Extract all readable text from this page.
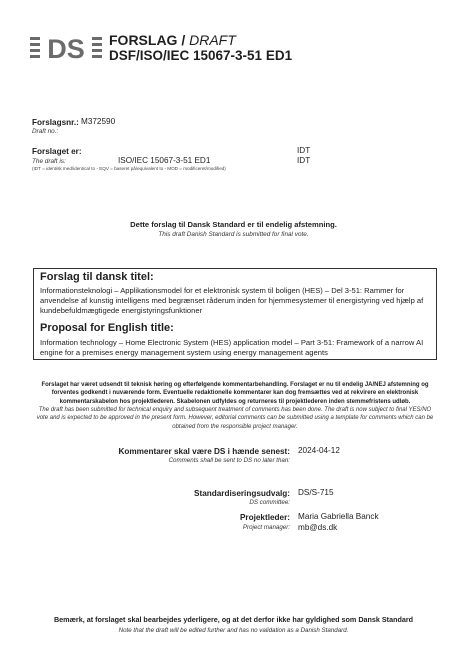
DS FORSLAG / DRAFT
DSF/ISO/IEC 15067-3-51 ED1
Forslagsnr.: M372590
Draft no.:
Forslaget er:	IDT
The draft is:	ISO/IEC 15067-3-51 ED1	IDT
(IDT = identisk med/identical to - EQV = baseret på/equivalent to - MOD = modificeret/modified)
Dette forslag til Dansk Standard er til endelig afstemning.
This draft Danish Standard is submitted for final vote.
Forslag til dansk titel:
Informationsteknologi – Applikationsmodel for et elektronisk system til boligen (HES) – Del 3-51: Rammer for anvendelse af kunstig intelligens med begrænset råderum inden for hjemmesystemer til energistyring ved hjælp af kundebefuldmægtigede energistyringsfunktioner
Proposal for English title:
Information technology – Home Electronic System (HES) application model – Part 3-51: Framework of a narrow AI engine for a premises energy management system using energy management agents
Forslaget har været udsendt til teknisk høring og efterfølgende kommentarbehandling. Forslaget er nu til endelig JA/NEJ afstemning og forventes godkendt i nuværende form. Eventuelle redaktionelle kommentarer kan dog fremsættes ved at rekvirere en elektronisk kommentarskabelon hos projektlederen. Skabelonen udfyldes og returneres til projektlederen inden stemmefristens udløb.
The draft has been submitted for technical enquiry and subsequent treatment of comments has been done. The draft is now subject to final YES/NO vote and is expected to be approved in the present form. However, editorial comments can be submitted using a template for comments which can be obtained from the responsible project manager.
Kommentarer skal være DS i hænde senest: 2024-04-12
Comments shall be sent to DS no later than:
Standardiseringsudvalg: DS/S-715
DS committee:
Projektleder: Maria Gabriella Banck
Project manager: mb@ds.dk
Bemærk, at forslaget skal bearbejdes yderligere, og at det derfor ikke har gyldighed som Dansk Standard
Note that the draft will be edited further and has no validation as a Danish Standard.
